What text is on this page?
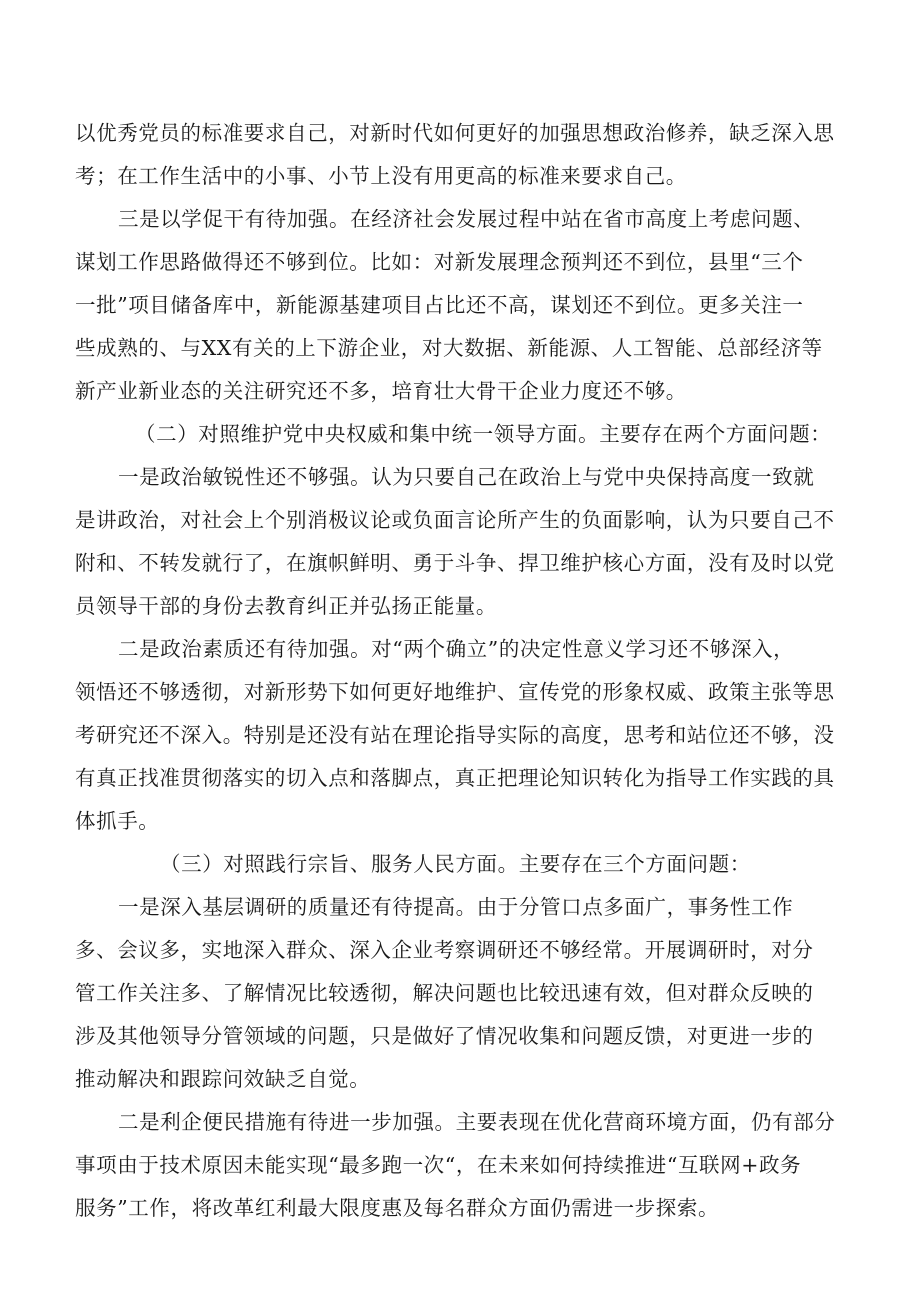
以优秀党员的标准要求自己，对新时代如何更好的加强思想政治修养，缺乏深入思
考；在工作生活中的小事、小节上没有用更高的标准来要求自己。
三是以学促干有待加强。在经济社会发展过程中站在省市高度上考虑问题、
谋划工作思路做得还不够到位。比如：对新发展理念预判还不到位，县里“三个
一批”项目储备库中，新能源基建项目占比还不高，谋划还不到位。更多关注一
些成熟的、与XX有关的上下游企业，对大数据、新能源、人工智能、总部经济等
新产业新业态的关注研究还不多，培育壮大骨干企业力度还不够。
（二）对照维护党中央权威和集中统一领导方面。主要存在两个方面问题：
一是政治敏锐性还不够强。认为只要自己在政治上与党中央保持高度一致就
是讲政治，对社会上个别消极议论或负面言论所产生的负面影响，认为只要自己不
附和、不转发就行了，在旗帜鲜明、勇于斗争、捍卫维护核心方面，没有及时以党
员领导干部的身份去教育纠正并弘扬正能量。
二是政治素质还有待加强。对“两个确立”的决定性意义学习还不够深入，
领悟还不够透彻，对新形势下如何更好地维护、宣传党的形象权威、政策主张等思
考研究还不深入。特别是还没有站在理论指导实际的高度，思考和站位还不够，没
有真正找准贯彻落实的切入点和落脚点，真正把理论知识转化为指导工作实践的具
体抓手。
（三）对照践行宗旨、服务人民方面。主要存在三个方面问题：
一是深入基层调研的质量还有待提高。由于分管口点多面广，事务性工作
多、会议多，实地深入群众、深入企业考察调研还不够经常。开展调研时，对分
管工作关注多、了解情况比较透彻，解决问题也比较迅速有效，但对群众反映的
涉及其他领导分管领域的问题，只是做好了情况收集和问题反馈，对更进一步的
推动解决和跟踪问效缺乏自觉。
二是利企便民措施有待进一步加强。主要表现在优化营商环境方面，仍有部分
事项由于技术原因未能实现“最多跑一次“，在未来如何持续推进“互联网+政务
服务”工作，将改革红利最大限度惠及每名群众方面仍需进一步探索。
